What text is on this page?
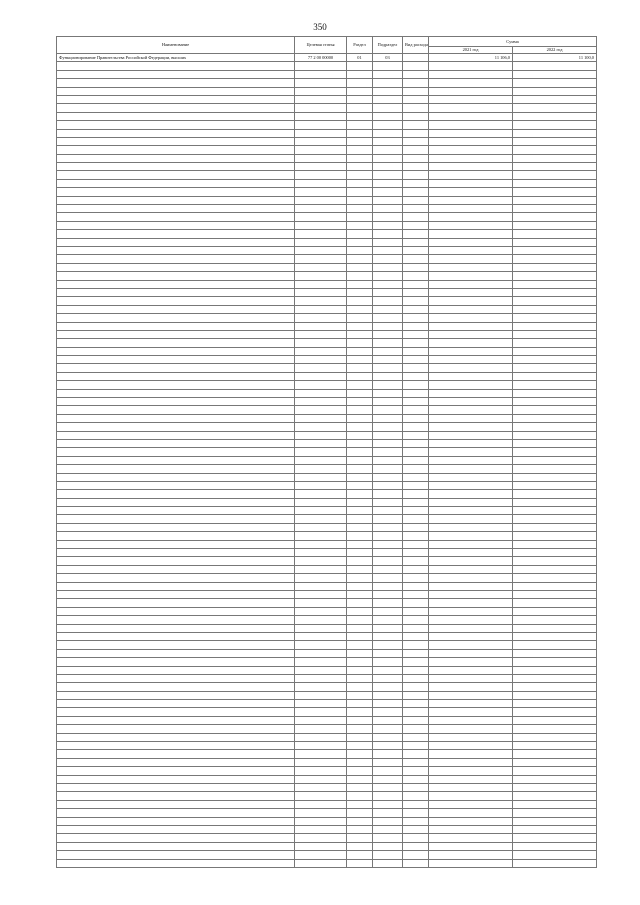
350
Наименование	Целевая статья	Раздел	Подраздел	Вид расхода	Сумма	
					2021 год	2022 год
Функционирование Правительства Российской Федерации, высших	77 2 00 00000	01	03		11 106,0	11 100,0
